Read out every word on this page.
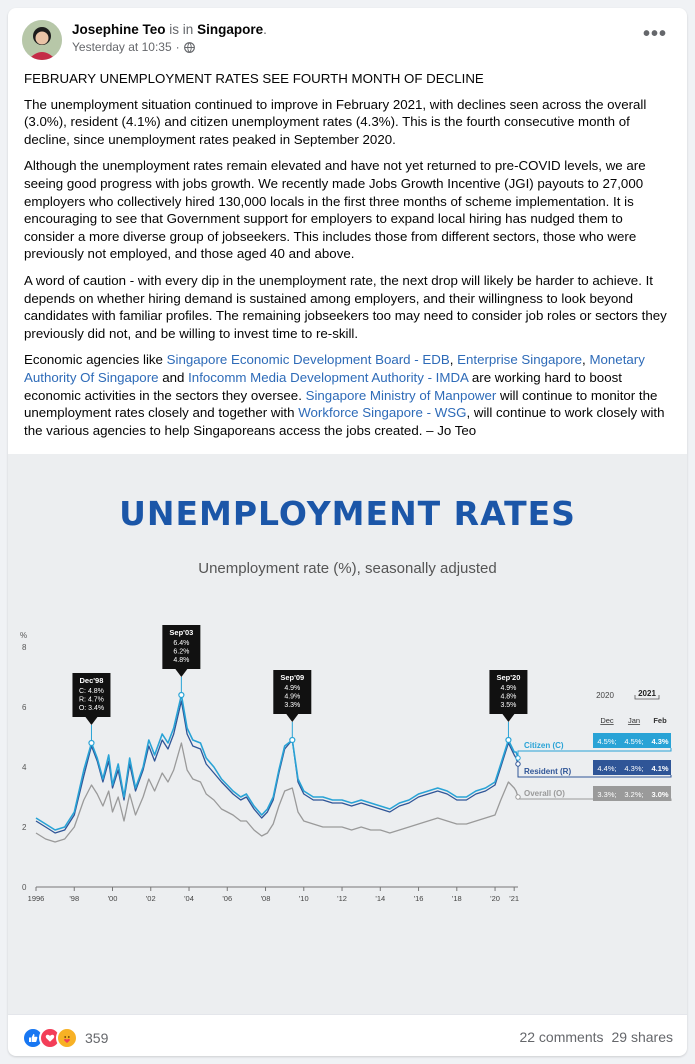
Josephine Teo is in Singapore.
Yesterday at 10:35 ·
•••

FEBRUARY UNEMPLOYMENT RATES SEE FOURTH MONTH OF DECLINE

The unemployment situation continued to improve in February 2021, with declines seen across the overall (3.0%), resident (4.1%) and citizen unemployment rates (4.3%). This is the fourth consecutive month of decline, since unemployment rates peaked in September 2020.

Although the unemployment rates remain elevated and have not yet returned to pre-COVID levels, we are seeing good progress with jobs growth. We recently made Jobs Growth Incentive (JGI) payouts to 27,000 employers who collectively hired 130,000 locals in the first three months of scheme implementation. It is encouraging to see that Government support for employers to expand local hiring has nudged them to consider a more diverse group of jobseekers. This includes those from different sectors, those who were previously not employed, and those aged 40 and above.

A word of caution - with every dip in the unemployment rate, the next drop will likely be harder to achieve. It depends on whether hiring demand is sustained among employers, and their willingness to look beyond candidates with familiar profiles. The remaining jobseekers too may need to consider job roles or sectors they previously did not, and be willing to invest time to re-skill.

Economic agencies like Singapore Economic Development Board - EDB, Enterprise Singapore, Monetary Authority Of Singapore and Infocomm Media Development Authority - IMDA are working hard to boost economic activities in the sectors they oversee. Singapore Ministry of Manpower will continue to monitor the unemployment rates closely and together with Workforce Singapore - WSG, will continue to work closely with the various agencies to help Singaporeans access the jobs created. – Jo Teo

UNEMPLOYMENT RATES
Unemployment rate (%), seasonally adjusted
%
0
2
4
6
8
1996	'98	'00	'02	'04	'06	'08	'10	'12	'14	'16	'18	'20 '21
Dec'98
C: 4.8%
R: 4.7%
O: 3.4%
Sep'03
6.4%
6.2%
4.8%
Sep'09
4.9%
4.9%
3.3%
Sep'20
4.9%
4.8%
3.5%
2020	2021
Dec Jan Feb
4.5%; 4.5%; 4.3%
Citizen (C)
4.4%; 4.3%; 4.1%
Resident (R)
3.3%; 3.2%; 3.0%
Overall (O)
359	22 comments 29 shares
